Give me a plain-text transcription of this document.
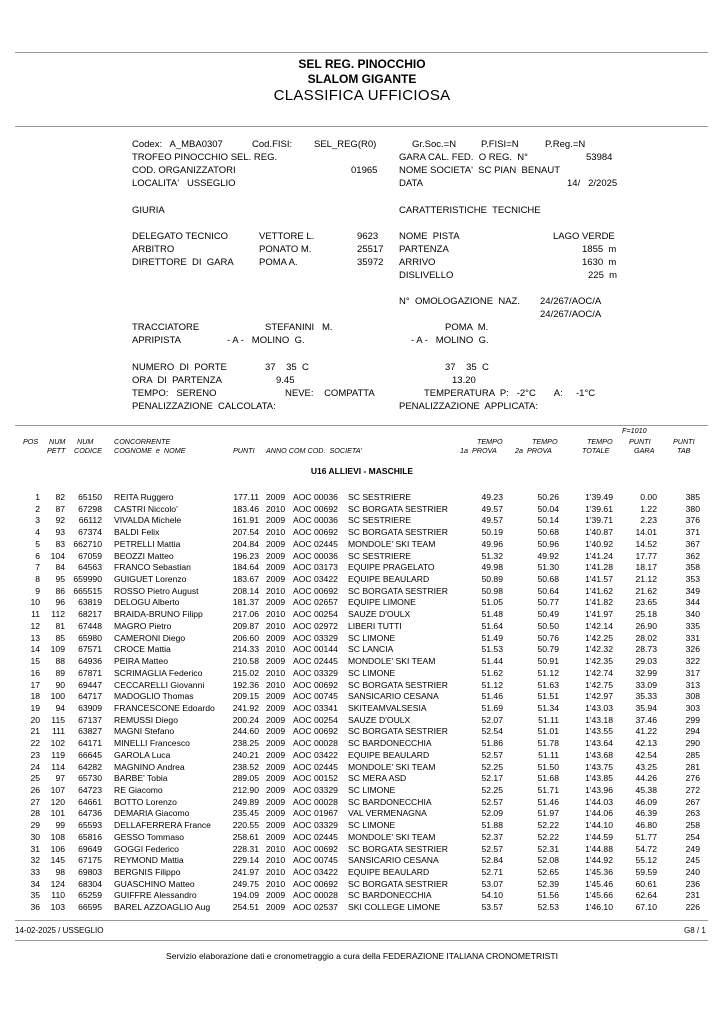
SEL REG. PINOCCHIO
SLALOM GIGANTE
CLASSIFICA UFFICIOSA
Codex:   A_MBA0307	Cod.FISI: SEL_REG(R0)	Gr.Soc.=N	P.FISI=N	P.Reg.=N
TROFEO PINOCCHIO SEL. REG.	GARA CAL. FED.  O REG.  N°	53984
COD. ORGANIZZATORI	01965 NOME SOCIETA'  SC PIAN  BENAUT
LOCALITA'   USSEGLIO	DATA	14/   2/2025
GIURIA	CARATTERISTICHE  TECNICHE
DELEGATO TECNICO	VETTORE L.	9623 NOME  PISTA	LAGO VERDE
ARBITRO	PONATO M.	25517 PARTENZA	1855  m
DIRETTORE  DI  GARA	POMA A.	35972 ARRIVO	1630  m
DISLIVELLO	225  m
N°  OMOLOGAZIONE  NAZ. 24/267/AOC/A
24/267/AOC/A
TRACCIATORE	STEFANINI   M.	POMA  M.
APRIPISTA	- A -   MOLINO  G.	- A -   MOLINO  G.
NUMERO  DI  PORTE	37    35  C	37    35  C
ORA  DI  PARTENZA	9.45	13.20
TEMPO:   SERENO	NEVE:    COMPATTA	TEMPERATURA  P:   -2°C       A:     -1°C
PENALIZZAZIONE  CALCOLATA:	PENALIZZAZIONE  APPLICATA:
F=1010
POS NUM
PETT
NUM
CODICE
CONCORRENTE
COGNOME  e  NOME	PUNTI ANNO COM COD.  SOCIETA'
TEMPO
1a  PROVA
TEMPO
2a  PROVA
TEMPO
TOTALE
PUNTI
GARA
PUNTI
TAB
U16 ALLIEVI - MASCHILE
1 82 65150 REITA Ruggero	177.11 2009 AOC 00036 SC SESTRIERE	49.23	50.26	1'39.49	0.00	385
2 87 67298 CASTRI Niccolo'	183.46 2010 AOC 00692 SC BORGATA SESTRIER	49.57	50.04	1'39.61	1.22	380
3 92 66112 VIVALDA Michele	161.91 2009 AOC 00036 SC SESTRIERE	49.57	50.14	1'39.71	2.23	376
4 93 67374 BALDI Felix	207.54 2010 AOC 00692 SC BORGATA SESTRIER	50.19	50.68	1'40.87	14.01	371
5 83 662710 PETRELLI Mattia	204.84 2009 AOC 02445 MONDOLE' SKI TEAM	49.96	50.96	1'40.92	14.52	367
6 104 67059 BEOZZI Matteo	196.23 2009 AOC 00036 SC SESTRIERE	51.32	49.92	1'41.24	17.77	362
7 84 64563 FRANCO Sebastian	184.64 2009 AOC 03173 EQUIPE PRAGELATO	49.98	51.30	1'41.28	18.17	358
8 95 659990 GUIGUET Lorenzo	183.67 2009 AOC 03422 EQUIPE BEAULARD	50.89	50.68	1'41.57	21.12	353
9 86 665515 ROSSO Pietro August	208.14 2010 AOC 00692 SC BORGATA SESTRIER	50.98	50.64	1'41.62	21.62	349
10 96 63819 DELOGU Alberto	181.37 2009 AOC 02657 EQUIPE LIMONE	51.05	50.77	1'41.82	23.65	344
11 112 68217 BRAIDA-BRUNO Filipp	217.06 2010 AOC 00254 SAUZE D'OULX	51.48	50.49	1'41.97	25.18	340
12 81 67448 MAGRO Pietro	209.87 2010 AOC 02972 LIBERI TUTTI	51.64	50.50	1'42.14	26.90	335
13 85 65980 CAMERONI Diego	206.60 2009 AOC 03329 SC LIMONE	51.49	50.76	1'42.25	28.02	331
14 109 67571 CROCE Mattia	214.33 2010 AOC 00144 SC LANCIA	51.53	50.79	1'42.32	28.73	326
15 88 64936 PEIRA Matteo	210.58 2009 AOC 02445 MONDOLE' SKI TEAM	51.44	50.91	1'42.35	29.03	322
16 89 67871 SCRIMAGLIA Federico	215.02 2010 AOC 03329 SC LIMONE	51.62	51.12	1'42.74	32.99	317
17 90 69447 CECCARELLI Giovanni	192.36 2010 AOC 00692 SC BORGATA SESTRIER	51.12	51.63	1'42.75	33.09	313
18 100 64717 MADOGLIO Thomas	209.15 2009 AOC 00745 SANSICARIO CESANA	51.46	51.51	1'42.97	35.33	308
19 94 63909 FRANCESCONE Edoardo 241.92 2009 AOC 03341 SKITEAMVALSESIA	51.69	51.34	1'43.03	35.94	303
20 115 67137 REMUSSI Diego	200.24 2009 AOC 00254 SAUZE D'OULX	52.07	51.11	1'43.18	37.46	299
21 111 63827 MAGNI Stefano	244.60 2009 AOC 00692 SC BORGATA SESTRIER	52.54	51.01	1'43.55	41.22	294
22 102 64171 MINELLI Francesco	238.25 2009 AOC 00028 SC BARDONECCHIA	51.86	51.78	1'43.64	42.13	290
23 119 66645 GAROLA Luca	240.21 2009 AOC 03422 EQUIPE BEAULARD	52.57	51.11	1'43.68	42.54	285
24 114 64282 MAGNINO Andrea	238.52 2009 AOC 02445 MONDOLE' SKI TEAM	52.25	51.50	1'43.75	43.25	281
25 97 65730 BARBE' Tobia	289.05 2009 AOC 00152 SC MERA ASD	52.17	51.68	1'43.85	44.26	276
26 107 64723 RE Giacomo	212.90 2009 AOC 03329 SC LIMONE	52.25	51.71	1'43.96	45.38	272
27 120 64661 BOTTO Lorenzo	249.89 2009 AOC 00028 SC BARDONECCHIA	52.57	51.46	1'44.03	46.09	267
28 101 64736 DEMARIA Giacomo	235.45 2009 AOC 01967 VAL VERMENAGNA	52.09	51.97	1'44.06	46.39	263
29 99 65593 DELLAFERRERA France	220.55 2009 AOC 03329 SC LIMONE	51.88	52.22	1'44.10	46.80	258
30 108 65816 GESSO Tommaso	258.61 2009 AOC 02445 MONDOLE' SKI TEAM	52.37	52.22	1'44.59	51.77	254
31 106 69649 GOGGI Federico	228.31 2010 AOC 00692 SC BORGATA SESTRIER	52.57	52.31	1'44.88	54.72	249
32 145 67175 REYMOND Mattia	229.14 2010 AOC 00745 SANSICARIO CESANA	52.84	52.08	1'44.92	55.12	245
33 98 69803 BERGNIS Filippo	241.97 2010 AOC 03422 EQUIPE BEAULARD	52.71	52.65	1'45.36	59.59	240
34 124 68304 GUASCHINO Matteo	249.75 2010 AOC 00692 SC BORGATA SESTRIER	53.07	52.39	1'45.46	60.61	236
35 110 65259 GUIFFRE Alessandro	194.09 2009 AOC 00028 SC BARDONECCHIA	54.10	51.56	1'45.66	62.64	231
36 103 66595 BAREL AZZOAGLIO Aug	254.51 2009 AOC 02537 SKI COLLEGE LIMONE	53.57	52.53	1'46.10	67.10	226
14-02-2025 / USSEGLIO	G8 / 1
Servizio elaborazione dati e cronometraggio a cura della FEDERAZIONE ITALIANA CRONOMETRISTI
